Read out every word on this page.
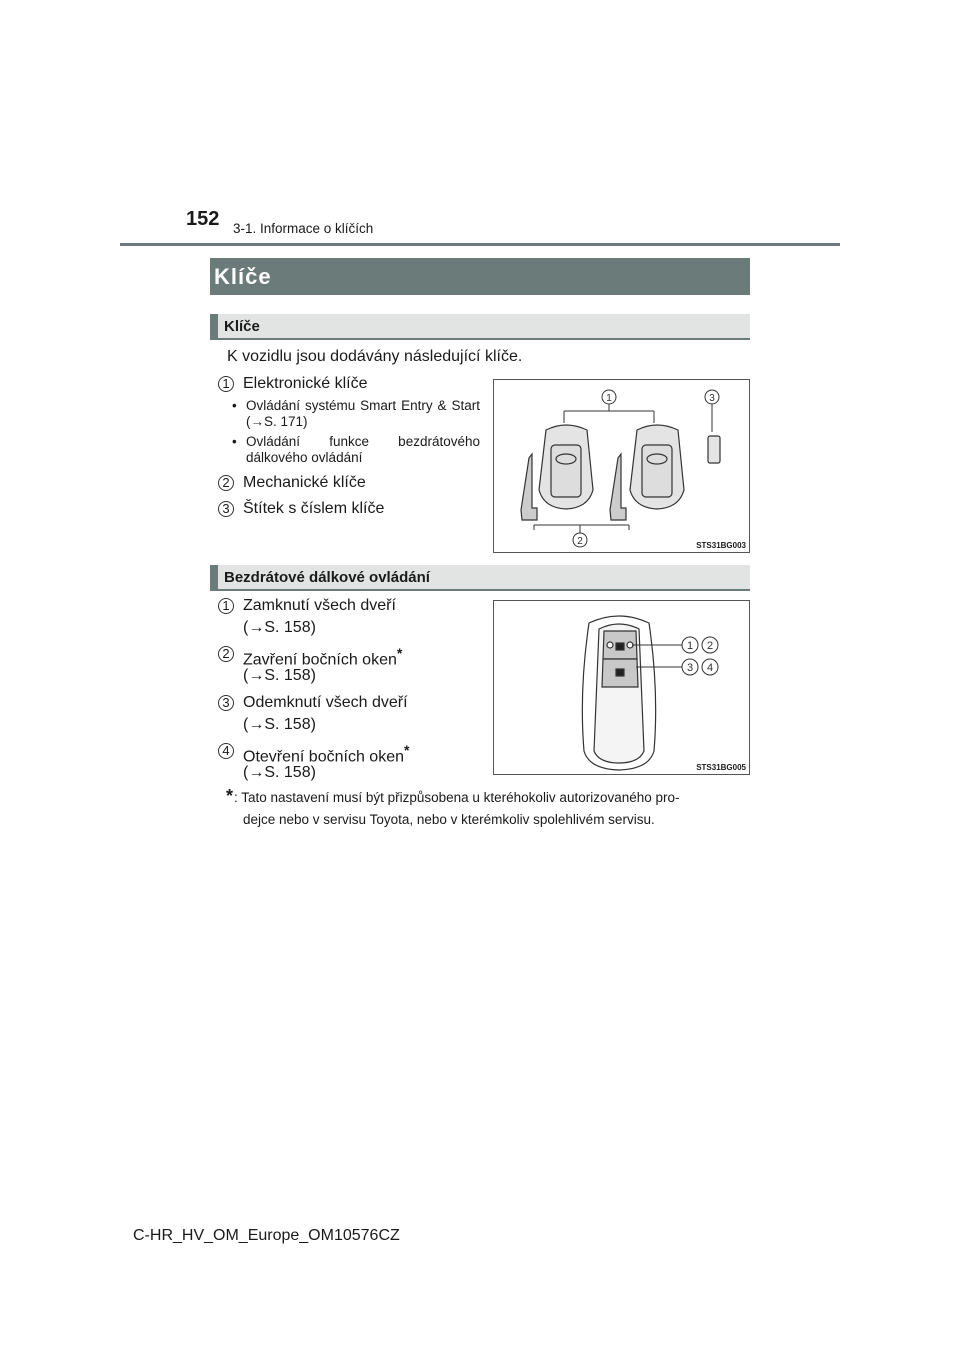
152 3-1. Informace o klíčích
Klíče
Klíče
K vozidlu jsou dodávány následující klíče.
1 Elektronické klíče
• Ovládání systému Smart Entry & Start (→S. 171)
• Ovládání funkce bezdrátového dálkového ovládání
2 Mechanické klíče
3 Štítek s číslem klíče
1	3
2	STS31BG003
Bezdrátové dálkové ovládání
1 Zamknutí všech dveří
(→S. 158)
2 Zavření bočních oken*
(→S. 158)
3 Odemknutí všech dveří
(→S. 158)
4 Otevření bočních oken*
(→S. 158)
1 2
3 4
STS31BG005
* : Tato nastavení musí být přizpůsobena u kteréhokoliv autorizovaného pro-
dejce nebo v servisu Toyota, nebo v kterémkoliv spolehlivém servisu.
C-HR_HV_OM_Europe_OM10576CZ
